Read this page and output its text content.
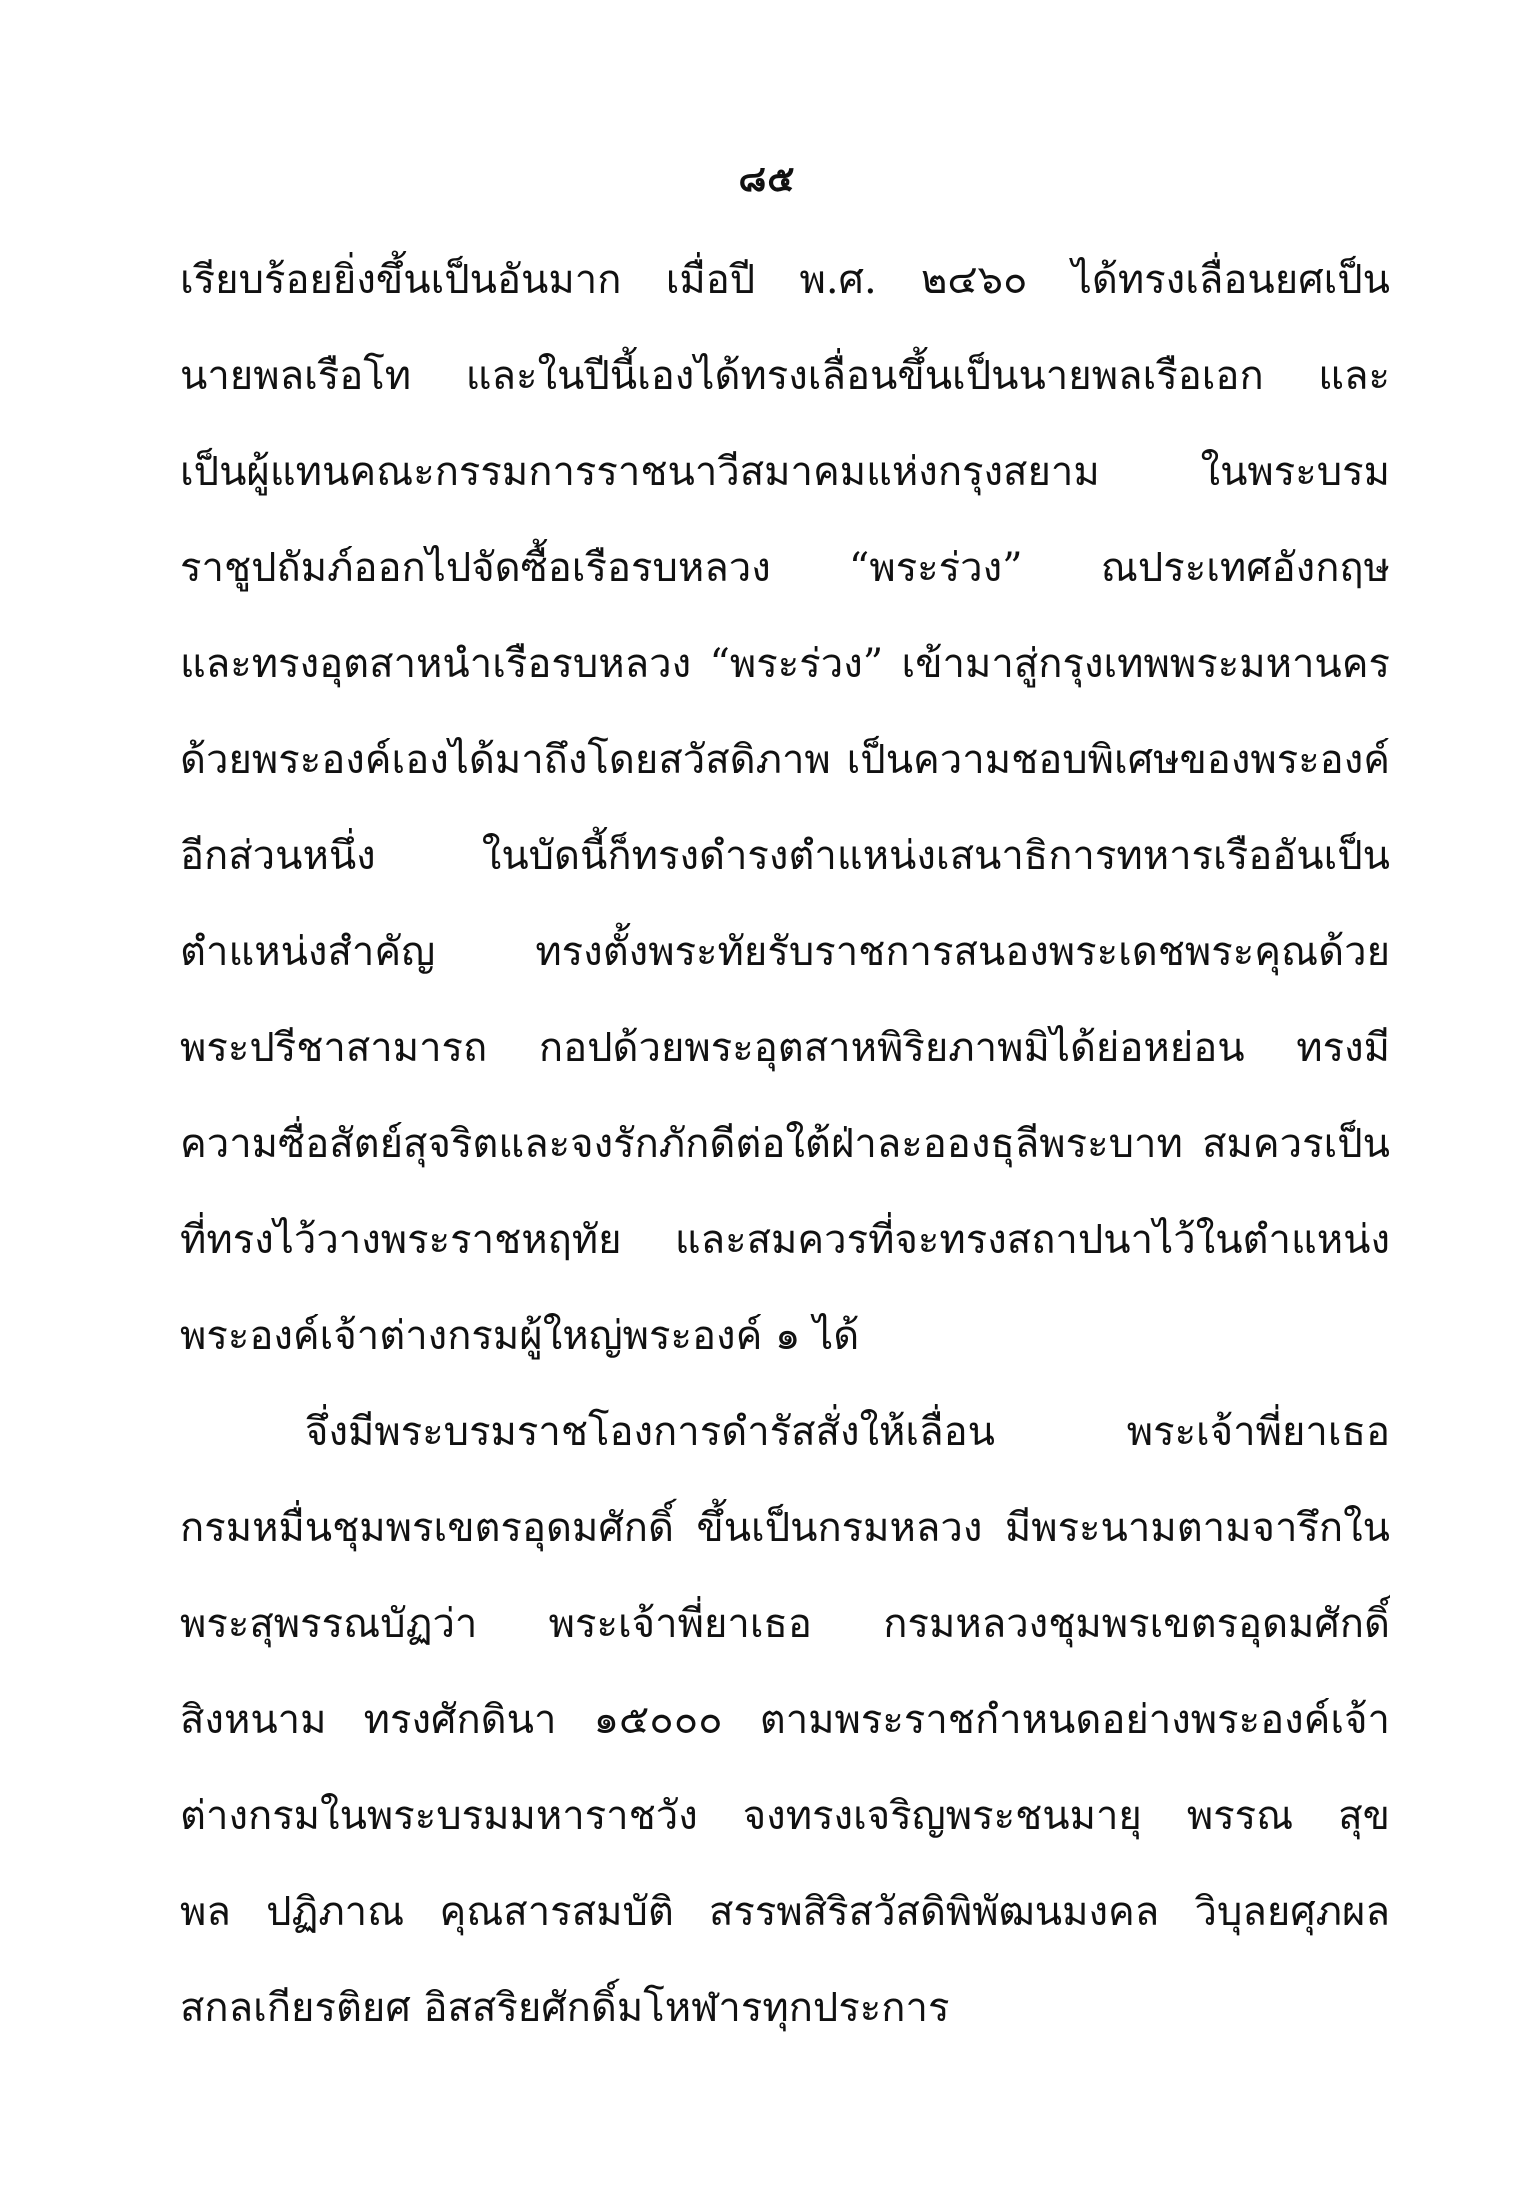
๘๕
เรียบร้อยยิ่งขึ้นเป็นอันมาก เมื่อปี พ.ศ. ๒๔๖๐ ได้ทรงเลื่อนยศเป็น
นายพลเรือโท และในปีนี้เองได้ทรงเลื่อนขึ้นเป็นนายพลเรือเอก และ
เป็นผู้แทนคณะกรรมการราชนาวีสมาคมแห่งกรุงสยาม ในพระบรม
ราชูปถัมภ์ออกไปจัดซื้อเรือรบหลวง “พระร่วง” ณประเทศอังกฤษ
และทรงอุตสาหนำเรือรบหลวง “พระร่วง” เข้ามาสู่กรุงเทพพระมหานคร
ด้วยพระองค์เองได้มาถึงโดยสวัสดิภาพ เป็นความชอบพิเศษของพระองค์
อีกส่วนหนึ่ง ในบัดนี้ก็ทรงดำรงตำแหน่งเสนาธิการทหารเรืออันเป็น
ตำแหน่งสำคัญ ทรงตั้งพระทัยรับราชการสนองพระเดชพระคุณด้วย
พระปรีชาสามารถ กอปด้วยพระอุตสาหพิริยภาพมิได้ย่อหย่อน ทรงมี
ความซื่อสัตย์สุจริตและจงรักภักดีต่อใต้ฝ่าละอองธุลีพระบาท สมควรเป็น
ที่ทรงไว้วางพระราชหฤทัย และสมควรที่จะทรงสถาปนาไว้ในตำแหน่ง
พระองค์เจ้าต่างกรมผู้ใหญ่พระองค์ ๑ ได้
จึ่งมีพระบรมราชโองการดำรัสสั่งให้เลื่อน พระเจ้าพี่ยาเธอ
กรมหมื่นชุมพรเขตรอุดมศักดิ์ ขึ้นเป็นกรมหลวง มีพระนามตามจารึกใน
พระสุพรรณบัฏว่า พระเจ้าพี่ยาเธอ กรมหลวงชุมพรเขตรอุดมศักดิ์
สิงหนาม ทรงศักดินา ๑๕๐๐๐ ตามพระราชกำหนดอย่างพระองค์เจ้า
ต่างกรมในพระบรมมหาราชวัง จงทรงเจริญพระชนมายุ พรรณ สุข
พล ปฏิภาณ คุณสารสมบัติ สรรพสิริสวัสดิพิพัฒนมงคล วิบุลยศุภผล
สกลเกียรติยศ อิสสริยศักดิ์มโหฬารทุกประการ
